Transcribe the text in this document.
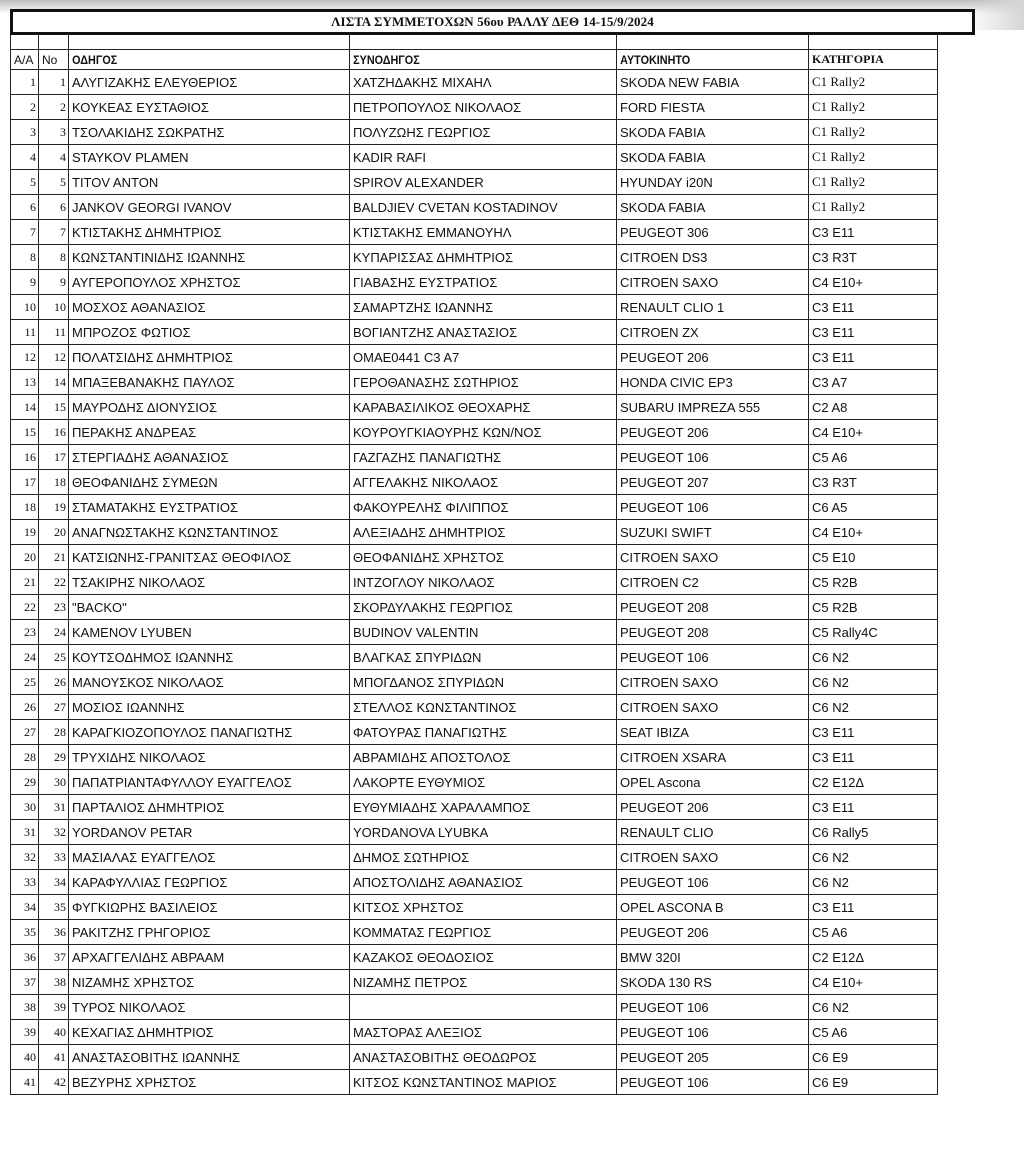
ΛΙΣΤΑ ΣΥΜΜΕΤΟΧΩΝ 56ου ΡΑΛΛΥ ΔΕΘ 14-15/9/2024

Α/Α	No	ΟΔΗΓΟΣ	ΣΥΝΟΔΗΓΟΣ	ΑΥΤΟΚΙΝΗΤΟ	ΚΑΤΗΓΟΡΙΑ
1	1	ΑΛΥΓΙΖΑΚΗΣ ΕΛΕΥΘΕΡΙΟΣ	ΧΑΤΖΗΔΑΚΗΣ ΜΙΧΑΗΛ	SKODA NEW FABIA	C1 Rally2
2	2	ΚΟΥΚΕΑΣ ΕΥΣΤΑΘΙΟΣ	ΠΕΤΡΟΠΟΥΛΟΣ ΝΙΚΟΛΑΟΣ	FORD FIESTA	C1 Rally2
3	3	ΤΣΟΛΑΚΙΔΗΣ ΣΩΚΡΑΤΗΣ	ΠΟΛΥΖΩΗΣ ΓΕΩΡΓΙΟΣ	SKODA FABIA	C1 Rally2
4	4	STAYKOV PLAMEN	KADIR RAFI	SKODA FABIA	C1 Rally2
5	5	TITOV ANTON	SPIROV ALEXANDER	HYUNDAY i20N	C1 Rally2
6	6	JANKOV GEORGI IVANOV	BALDJIEV CVETAN KOSTADINOV	SKODA FABIA	C1 Rally2
7	7	ΚΤΙΣΤΑΚΗΣ ΔΗΜΗΤΡΙΟΣ	ΚΤΙΣΤΑΚΗΣ ΕΜΜΑΝΟΥΗΛ	PEUGEOT 306	C3 E11
8	8	ΚΩΝΣΤΑΝΤΙΝΙΔΗΣ ΙΩΑΝΝΗΣ	ΚΥΠΑΡΙΣΣΑΣ ΔΗΜΗΤΡΙΟΣ	CITROEN DS3	C3 R3T
9	9	ΑΥΓΕΡΟΠΟΥΛΟΣ ΧΡΗΣΤΟΣ	ΓΙΑΒΑΣΗΣ ΕΥΣΤΡΑΤΙΟΣ	CITROEN SAXO	C4 E10+
10	10	ΜΟΣΧΟΣ ΑΘΑΝΑΣΙΟΣ	ΣΑΜΑΡΤΖΗΣ ΙΩΑΝΝΗΣ	RENAULT CLIO 1	C3 E11
11	11	ΜΠΡΟΖΟΣ ΦΩΤΙΟΣ	ΒΟΓΙΑΝΤΖΗΣ ΑΝΑΣΤΑΣΙΟΣ	CITROEN ZX	C3 E11
12	12	ΠΟΛΑΤΣΙΔΗΣ ΔΗΜΗΤΡΙΟΣ	ΟΜΑΕ0441 C3 A7	PEUGEOT 206	C3 E11
13	14	ΜΠΑΞΕΒΑΝΑΚΗΣ ΠΑΥΛΟΣ	ΓΕΡΟΘΑΝΑΣΗΣ ΣΩΤΗΡΙΟΣ	HONDA CIVIC EP3	C3 A7
14	15	ΜΑΥΡΟΔΗΣ ΔΙΟΝΥΣΙΟΣ	ΚΑΡΑΒΑΣΙΛΙΚΟΣ ΘΕΟΧΑΡΗΣ	SUBARU IMPREZA 555	C2 A8
15	16	ΠΕΡΑΚΗΣ ΑΝΔΡΕΑΣ	ΚΟΥΡΟΥΓΚΙΑΟΥΡΗΣ ΚΩΝ/ΝΟΣ	PEUGEOT 206	C4 E10+
16	17	ΣΤΕΡΓΙΑΔΗΣ ΑΘΑΝΑΣΙΟΣ	ΓΑΖΓΑΖΗΣ ΠΑΝΑΓΙΩΤΗΣ	PEUGEOT 106	C5 A6
17	18	ΘΕΟΦΑΝΙΔΗΣ ΣΥΜΕΩΝ	ΑΓΓΕΛΑΚΗΣ ΝΙΚΟΛΑΟΣ	PEUGEOT 207	C3 R3T
18	19	ΣΤΑΜΑΤΑΚΗΣ ΕΥΣΤΡΑΤΙΟΣ	ΦΑΚΟΥΡΕΛΗΣ ΦΙΛΙΠΠΟΣ	PEUGEOT 106	C6 A5
19	20	ΑΝΑΓΝΩΣΤΑΚΗΣ ΚΩΝΣΤΑΝΤΙΝΟΣ	ΑΛΕΞΙΑΔΗΣ ΔΗΜΗΤΡΙΟΣ	SUZUKI SWIFT	C4 E10+
20	21	ΚΑΤΣΙΩΝΗΣ-ΓΡΑΝΙΤΣΑΣ ΘΕΟΦΙΛΟΣ	ΘΕΟΦΑΝΙΔΗΣ ΧΡΗΣΤΟΣ	CITROEN SAXO	C5 E10
21	22	ΤΣΑΚΙΡΗΣ ΝΙΚΟΛΑΟΣ	ΙΝΤΖΟΓΛΟΥ ΝΙΚΟΛΑΟΣ	CITROEN C2	C5 R2B
22	23	"BACKO"	ΣΚΟΡΔΥΛΑΚΗΣ ΓΕΩΡΓΙΟΣ	PEUGEOT 208	C5 R2B
23	24	KAMENOV LYUBEN	BUDINOV VALENTIN	PEUGEOT 208	C5 Rally4C
24	25	ΚΟΥΤΣΟΔΗΜΟΣ ΙΩΑΝΝΗΣ	ΒΛΑΓΚΑΣ ΣΠΥΡΙΔΩΝ	PEUGEOT 106	C6 N2
25	26	ΜΑΝΟΥΣΚΟΣ ΝΙΚΟΛΑΟΣ	ΜΠΟΓΔΑΝΟΣ ΣΠΥΡΙΔΩΝ	CITROEN SAXO	C6 N2
26	27	ΜΟΣΙΟΣ ΙΩΑΝΝΗΣ	ΣΤΕΛΛΟΣ ΚΩΝΣΤΑΝΤΙΝΟΣ	CITROEN SAXO	C6 N2
27	28	ΚΑΡΑΓΚΙΟΖΟΠΟΥΛΟΣ ΠΑΝΑΓΙΩΤΗΣ	ΦΑΤΟΥΡΑΣ ΠΑΝΑΓΙΩΤΗΣ	SEAT IBIZA	C3 E11
28	29	ΤΡΥΧΙΔΗΣ ΝΙΚΟΛΑΟΣ	ΑΒΡΑΜΙΔΗΣ ΑΠΟΣΤΟΛΟΣ	CITROEN XSARA	C3 E11
29	30	ΠΑΠΑΤΡΙΑΝΤΑΦΥΛΛΟΥ ΕΥΑΓΓΕΛΟΣ	ΛΑΚΟΡΤΕ ΕΥΘΥΜΙΟΣ	OPEL Ascona	C2 E12Δ
30	31	ΠΑΡΤΑΛΙΟΣ ΔΗΜΗΤΡΙΟΣ	ΕΥΘΥΜΙΑΔΗΣ ΧΑΡΑΛΑΜΠΟΣ	PEUGEOT 206	C3 E11
31	32	YORDANOV PETAR	YORDANOVA LYUBKA	RENAULT CLIO	C6 Rally5
32	33	ΜΑΣΙΑΛΑΣ ΕΥΑΓΓΕΛΟΣ	ΔΗΜΟΣ ΣΩΤΗΡΙΟΣ	CITROEN SAXO	C6 N2
33	34	ΚΑΡΑΦΥΛΛΙΑΣ ΓΕΩΡΓΙΟΣ	ΑΠΟΣΤΟΛΙΔΗΣ ΑΘΑΝΑΣΙΟΣ	PEUGEOT 106	C6 N2
34	35	ΦΥΓΚΙΩΡΗΣ ΒΑΣΙΛΕΙΟΣ	ΚΙΤΣΟΣ ΧΡΗΣΤΟΣ	OPEL ASCONA B	C3 E11
35	36	ΡΑΚΙΤΖΗΣ ΓΡΗΓΟΡΙΟΣ	ΚΟΜΜΑΤΑΣ ΓΕΩΡΓΙΟΣ	PEUGEOT 206	C5 A6
36	37	ΑΡΧΑΓΓΕΛΙΔΗΣ ΑΒΡΑΑΜ	ΚΑΖΑΚΟΣ ΘΕΟΔΟΣΙΟΣ	BMW 320I	C2 E12Δ
37	38	ΝΙΖΑΜΗΣ ΧΡΗΣΤΟΣ	ΝΙΖΑΜΗΣ ΠΕΤΡΟΣ	SKODA 130 RS	C4 E10+
38	39	ΤΥΡΟΣ ΝΙΚΟΛΑΟΣ		PEUGEOT 106	C6 N2
39	40	ΚΕΧΑΓΙΑΣ ΔΗΜΗΤΡΙΟΣ	ΜΑΣΤΟΡΑΣ ΑΛΕΞΙΟΣ	PEUGEOT 106	C5 A6
40	41	ΑΝΑΣΤΑΣΟΒΙΤΗΣ ΙΩΑΝΝΗΣ	ΑΝΑΣΤΑΣΟΒΙΤΗΣ ΘΕΟΔΩΡΟΣ	PEUGEOT 205	C6 E9
41	42	ΒΕΖΥΡΗΣ ΧΡΗΣΤΟΣ	ΚΙΤΣΟΣ ΚΩΝΣΤΑΝΤΙΝΟΣ ΜΑΡΙΟΣ	PEUGEOT 106	C6 E9
